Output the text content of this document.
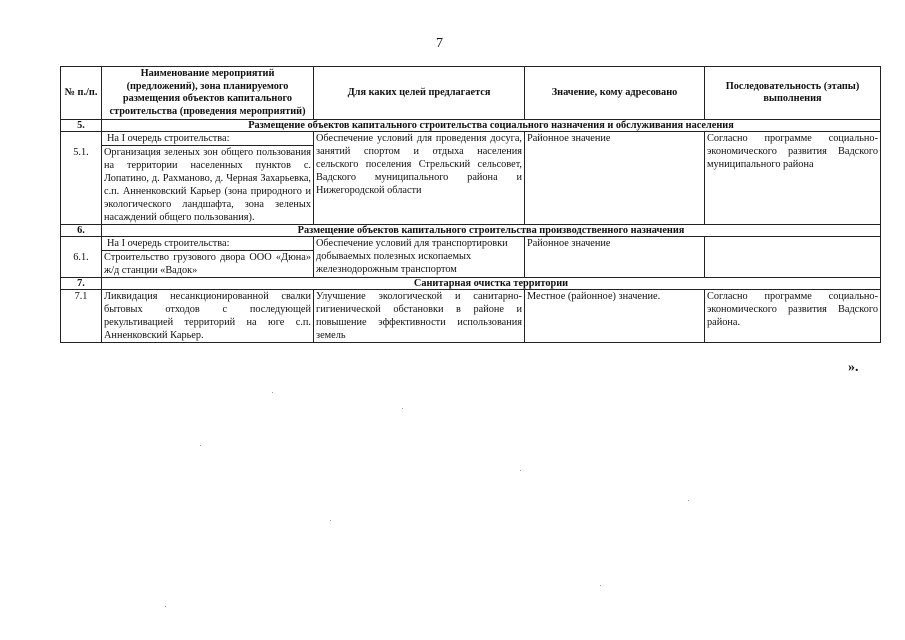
7
№ п./п.	Наименование мероприятий (предложений), зона планируемого размещения объектов капитального строительства (проведения мероприятий)	Для каких целей предлагается	Значение, кому адресовано	Последовательность (этапы) выполнения
5.	Размещение объектов капитального строительства социального назначения и обслуживания населения			
5.1.	На I очередь строительства:	Обеспечение условий для проведения досуга, занятий спортом и отдыха населения сельского поселения Стрельский сельсовет, Вадского муниципального района и Нижегородской области	Районное значение	Согласно программе социально-экономического развития Вадского муниципального района
	Организация зеленых зон общего пользования на территории населенных пунктов с. Лопатино, д. Рахманово, д. Черная Захарьевка, с.п. Анненковский Карьер (зона природного и экологического ландшафта, зона зеленых насаждений общего пользования).			
6.	Размещение объектов капитального строительства производственного назначения			
6.1.	На I очередь строительства:	Обеспечение условий для транспортировки добываемых полезных ископаемых железнодорожным транспортом	Районное значение	
	Строительство грузового двора ООО «Дюна» ж/д станции «Вадок»			
7.	Санитарная очистка территории			
7.1	Ликвидация несанкционированной свалки бытовых отходов с последующей рекультивацией территорий на юге с.п. Анненковский Карьер.	Улучшение экологической и санитарно-гигиенической обстановки в районе и повышение эффективности использования земель	Местное (районное) значение.	Согласно программе социально-экономического развития Вадского района.
».
